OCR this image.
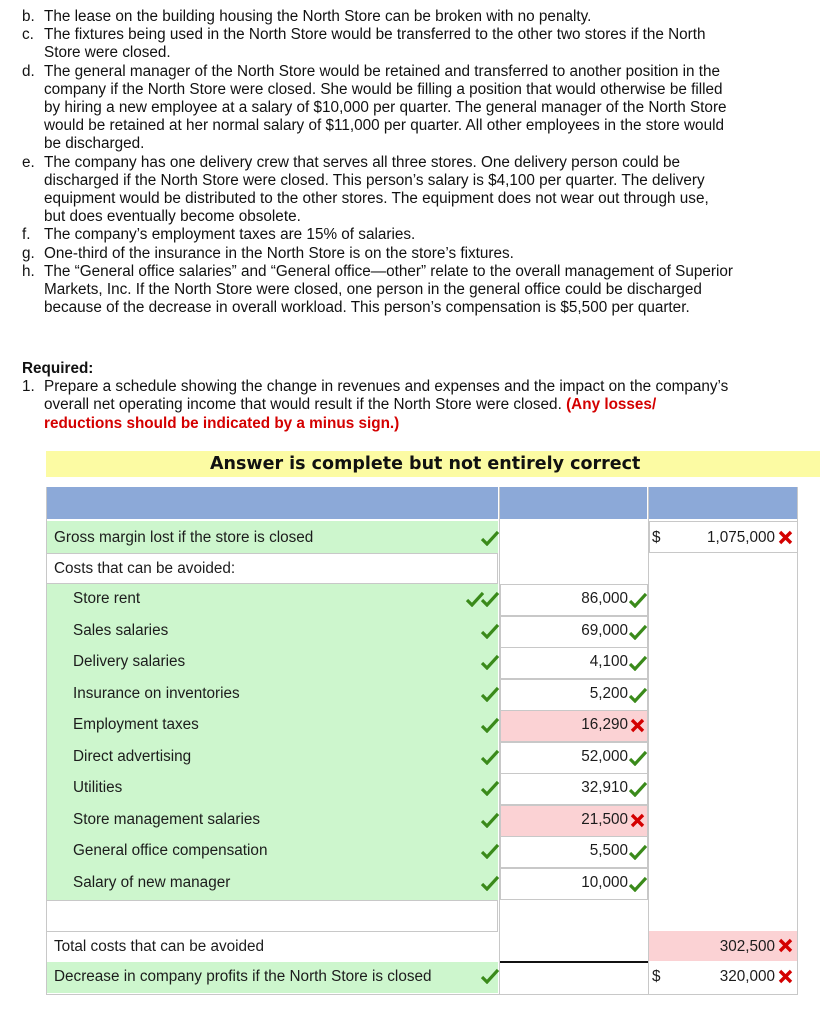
b. The lease on the building housing the North Store can be broken with no penalty.
c. The fixtures being used in the North Store would be transferred to the other two stores if the North
Store were closed.
d. The general manager of the North Store would be retained and transferred to another position in the
company if the North Store were closed. She would be filling a position that would otherwise be filled
by hiring a new employee at a salary of $10,000 per quarter. The general manager of the North Store
would be retained at her normal salary of $11,000 per quarter. All other employees in the store would
be discharged.
e. The company has one delivery crew that serves all three stores. One delivery person could be
discharged if the North Store were closed. This person’s salary is $4,100 per quarter. The delivery
equipment would be distributed to the other stores. The equipment does not wear out through use,
but does eventually become obsolete.
f. The company’s employment taxes are 15% of salaries.
g. One-third of the insurance in the North Store is on the store’s fixtures.
h. The “General office salaries” and “General office—other” relate to the overall management of Superior
Markets, Inc. If the North Store were closed, one person in the general office could be discharged
because of the decrease in overall workload. This person’s compensation is $5,500 per quarter.
Required:
1. Prepare a schedule showing the change in revenues and expenses and the impact on the company’s
overall net operating income that would result if the North Store were closed. (Any losses/
reductions should be indicated by a minus sign.)
Answer is complete but not entirely correct
Gross margin lost if the store is closed	$	1,075,000
Costs that can be avoided:
Store rent	86,000
Sales salaries	69,000
Delivery salaries	4,100
Insurance on inventories	5,200
Employment taxes	16,290
Direct advertising	52,000
Utilities	32,910
Store management salaries	21,500
General office compensation	5,500
Salary of new manager	10,000
Total costs that can be avoided	302,500
Decrease in company profits if the North Store is closed	$	320,000
